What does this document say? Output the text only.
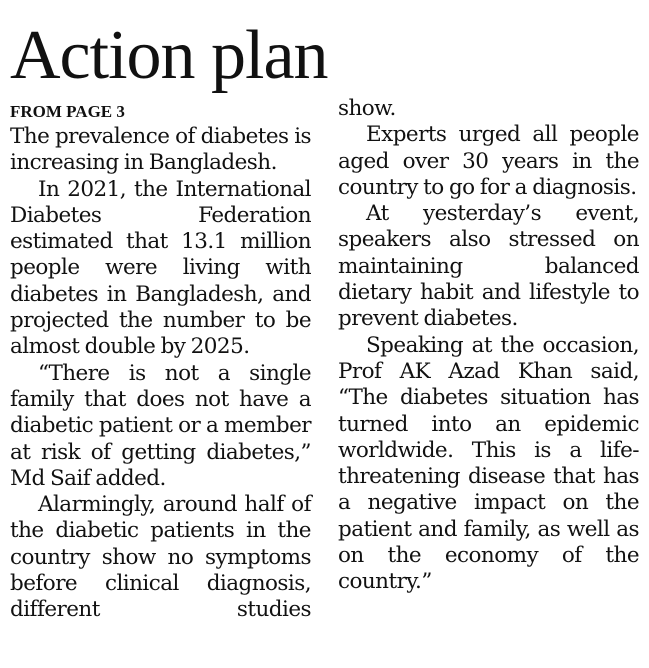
Action plan
FROM PAGE 3

The prevalence of diabetes is increasing in Bangladesh.

In 2021, the International Diabetes Federation estimated that 13.1 million people were living with diabetes in Bangladesh, and projected the number to be almost double by 2025.

“There is not a single family that does not have a diabetic patient or a member at risk of getting diabetes,” Md Saif added.

Alarmingly, around half of the diabetic patients in the country show no symptoms before clinical diagnosis, different studies

show.

Experts urged all people aged over 30 years in the country to go for a diagnosis.

At yesterday’s event, speakers also stressed on maintaining balanced dietary habit and lifestyle to prevent diabetes.

Speaking at the occasion, Prof AK Azad Khan said, “The diabetes situation has turned into an epidemic worldwide. This is a life-threatening disease that has a negative impact on the patient and family, as well as on the economy of the country.”
